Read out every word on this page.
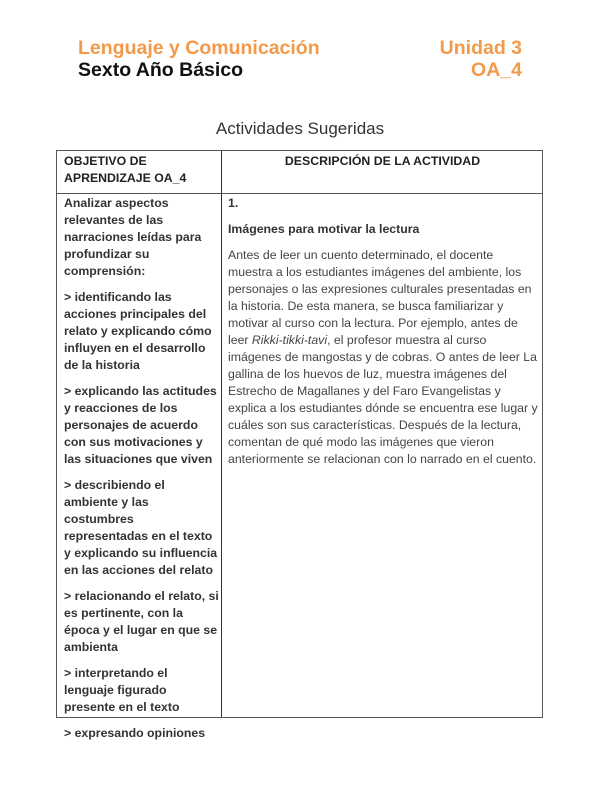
Lenguaje y Comunicación
Sexto Año Básico
Unidad 3
OA_4
Actividades Sugeridas
OBJETIVO DE APRENDIZAJE OA_4
DESCRIPCIÓN DE LA ACTIVIDAD

Analizar aspectos relevantes de las narraciones leídas para profundizar su comprensión:

> identificando las acciones principales del relato y explicando cómo influyen en el desarrollo de la historia

> explicando las actitudes y reacciones de los personajes de acuerdo con sus motivaciones y las situaciones que viven

> describiendo el ambiente y las costumbres representadas en el texto y explicando su influencia en las acciones del relato

> relacionando el relato, si es pertinente, con la época y el lugar en que se ambienta

> interpretando el lenguaje figurado presente en el texto

> expresando opiniones

1.
Imágenes para motivar la lectura

Antes de leer un cuento determinado, el docente muestra a los estudiantes imágenes del ambiente, los personajes o las expresiones culturales presentadas en la historia. De esta manera, se busca familiarizar y motivar al curso con la lectura. Por ejemplo, antes de leer Rikki-tikki-tavi, el profesor muestra al curso imágenes de mangostas y de cobras. O antes de leer La gallina de los huevos de luz, muestra imágenes del Estrecho de Magallanes y del Faro Evangelistas y explica a los estudiantes dónde se encuentra ese lugar y cuáles son sus características. Después de la lectura, comentan de qué modo las imágenes que vieron anteriormente se relacionan con lo narrado en el cuento.
